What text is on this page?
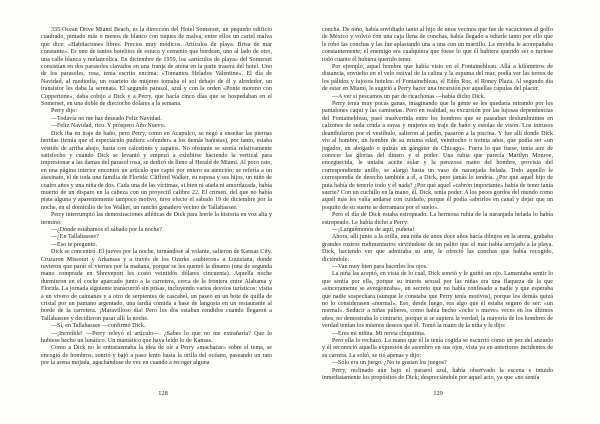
335 Ocean Drive Miami Beach, es la dirección del Hotel Somerset, un pequeño edificio cuadrado, pintado más o menos de blanco con toques de malva, entre ellos un cartel malva que dice: «Habitaciones libres. Precios muy módicos. Artículos de playa. Brisa de mar constante». Es uno de tantos hotelitos de estuco y cemento que bordean, uno al lado de otro, una calle blanca y melancólica. En diciembre de 1959, los «artículos de playa» del Somerset consistían en dos parasoles clavados en una franja de arena en la parte trasera del hotel. Uno de los parasoles, rosa, tenía escrito encima: «Tomamos Helados Valentine». El día de Navidad, al mediodía, un cuarteto de mujeres tomaba el sol debajo de él y alrededor, un transistor les daba la serenata. El segundo parasol, azul y con la orden «Ponte moreno con Coppertone», daba cobijo a Dick y a Perry, que hacía cinco días que se hospedaban en el Somerset, en una doble de dieciocho dólares a la semana.

Perry dijo:

—Todavía no me has deseado Feliz Navidad.

—Feliz Navidad, rico. Y próspero Año Nuevo.

Dick iba en traje de baño, pero Perry, como en Acapulco, se negó a enseñar las piernas heridas (temía que el espectáculo pudiera «ofender» a los demás bañistas), por tanto, estaba vestido de arriba abajo, hasta con calcetines y zapatos. No obstante se sentía relativamente satisfecho y cuando Dick se levantó y empezó a exhibirse haciendo la vertical para impresionar a las damas del parasol rosa, se dedicó de lleno al Herald de Miami. Al poco rato, en una página interior encontró un artículo que captó por entero su atención; se refería a un asesinato, el de toda una familia de Florida: Clifford Walker, su esposa y sus hijos, un niño de cuatro años y una niña de dos. Cada una de las víctimas, si bien ni atada ni amordazada, había muerto de un disparo en la cabeza con un proyectil calibre 22. El crimen, del que no había pista alguna y aparentemente tampoco motivo, tuvo efecto el sábado 19 de diciembre por la noche, en el domicilio de los Walker, un rancho ganadero vecino de Tallahassee.

Perry interrumpió las demostraciones atléticas de Dick para leerle la historia en voz alta y terminó:

—¿Dónde estábamos el sábado por la noche?

—¿En Tallahassee?

—Eso te pregunto.

Dick se concentró. El jueves por la noche, turnándose al volante, salieron de Kansas City. Cruzaron Missouri y Arkansas y a través de los Ozarks «subieron» a Louisiana, donde tuvieron que parar el viernes por la mañana, porque se les quemó la dínamo (una de segunda mano comprada en Shreveport les costó veintidós dólares cincuenta). Aquella noche durmieron en el coche aparcado junto a la carretera, cerca de la frontera entre Alabama y Florida. La jornada siguiente transcurrió sin prisas, incluyendo varios desvíos turísticos: visita a un vivero de caimanes y a otro de serpientes de cascabel, un paseo en un bote de quilla de cristal por un pantano argentado, una tardía comida a base de langosta en un restaurante al borde de la carretera. ¡Maravilloso día! Pero los dos estaban rendidos cuando llegaron a Tallahassee y decidieron pasar allí la noche.

—Sí, en Tallahassee —confirmó Dick.

—¡Increíble! —Perry releyó el artículo—. ¿Sabes lo que no me extrañaría? Que lo hubiese hecho un lunático. Un maniático que haya leído lo de Kansas.

Como a Dick no le entusiasmaba la idea de oír a Perry «machacar» sobre el tema, se encogió de hombros, sonrió y bajó a paso lento hasta la orilla del océano, paseando un rato por la arena mojada, agachándose de vez en cuando a recoger alguna

128

concha. De niño, había envidiado tanto al hijo de unos vecinos que fue de vacaciones al golfo de México y volvió con una caja llena de conchas, había llegado a odiarle tanto por ello que le robó las conchas y las fue aplastando una a una con un martillo. La envidia le acompañaba constantemente; el enemigo era cualquiera que fuese lo que él hubiera querido ser o tuviese todo cuanto él hubiera querido tener.

Por ejemplo, aquel hombre que había visto en el Fontainebleau. Allá a kilómetros de distancia, envuelto en el velo estival de la calina y la espuma del mar, podía ver las torres de los pálidos y lujosos hoteles: el Fontainebleau, el Edén Roc, el Roney Plaza. Al segundo día de estar en Miami, le sugirió a Perry hacer una incursión por aquellas cúpulas del placer.

—A ver si pescamos un par de ricachonas —había dicho Dick.

Perry tenía muy pocas ganas, imaginando que la gente se les quedaría mirando por los pantalones caqui y las camisetas. Pero en realidad, su excursión por las lujosas dependencias del Fontainebleau, pasó inadvertida entre los hombres que se paseaban deslumbrantes en calzones de seda cruda a rayas y mujeres en traje de baño y estolas de visón. Los intrusos deambularon por el vestíbulo, salieron al jardín, pasaron a la piscina. Y fue allí donde Dick vio al hombre, un hombre de su misma edad, veintiocho o treinta años, que podía ser «un jugador, un abogado o quizás un gángster de Chicago». Fuera lo que fuese, tenía aire de conocer las glorias del dinero y el poder. Una rubia que parecía Marilyn Monroe, enceguecida, le untaba aceite solar y la perezosa mano del hombre, provista del correspondiente anillo, se alargó hasta un vaso de naranjada helada. Todo aquello le correspondía de derecho también a él, a Dick, pero jamás lo tendría. ¿Por qué aquel hijo de puta había de tenerlo todo y él nada? ¿Por qué aquel «cabrón importante» había de tener tanta suerte? Con un cuchillo en la mano, él, Dick, tenía poder. A los peces gordos del mundo como aquél más les valía andarse con cuidado, porque él podía «abrirlos en canal y dejar que un poquito de su suerte se derramara por el suelo».

Pero el día de Dick estaba estropeado. La hermosa rubia de la naranjada helada lo había estropeado. Le había dicho a Perry:

—¡Larguémonos de aquí, puñeta!

Ahora, allí junto a la orilla, una niña de unos doce años hacía dibujos en la arena, grababa grandes rostros rudimentarios sirviéndose de un palito que el mar había arrojado a la playa. Dick, haciendo ver que admiraba su arte, le ofreció las conchas que había recogido, diciéndole:

—Van muy bien para hacerles los ojos.

La niña las aceptó, en vista de lo cual, Dick sonrió y le guiñó un ojo. Lamentaba sentir lo que sentía por ella, porque su interés sexual por las niñas era una flaqueza de la que «sinceramente se avergonzaba», un secreto que no había confesado a nadie y que esperaba que nadie sospechara (aunque le constaba que Perry tenía motivos), porque los demás quizá no lo considerasen «normal». Eso, desde luego, era algo que él estaba seguro de ser: «un normal». Seducir a niñas púberes, como había hecho «ocho o nueve» veces en los últimos años, no demostraba lo contrario, porque si se supiera la verdad, la mayoría de los hombres de verdad tenían los mismos deseos que él. Tomó la mano de la niña y le dijo:

—Eres mi niñita. Mi novia chiquitina.

Pero ella lo rechazó. La mano que él le tenía cogida se escurrió como un pez del anzuelo y él reconoció aquella expresión de asombro en sus ojos, vista ya en anteriores incidentes de su carrera. La soltó, se rió apenas y dijo:

—Sólo era un juego. ¿No te gustan los juegos?

Perry, reclinado aún bajo el parasol azul, había observado la escena e intuido inmediatamente los propósitos de Dick; despreciándole por aquel acto, ya que «no sentía

129
